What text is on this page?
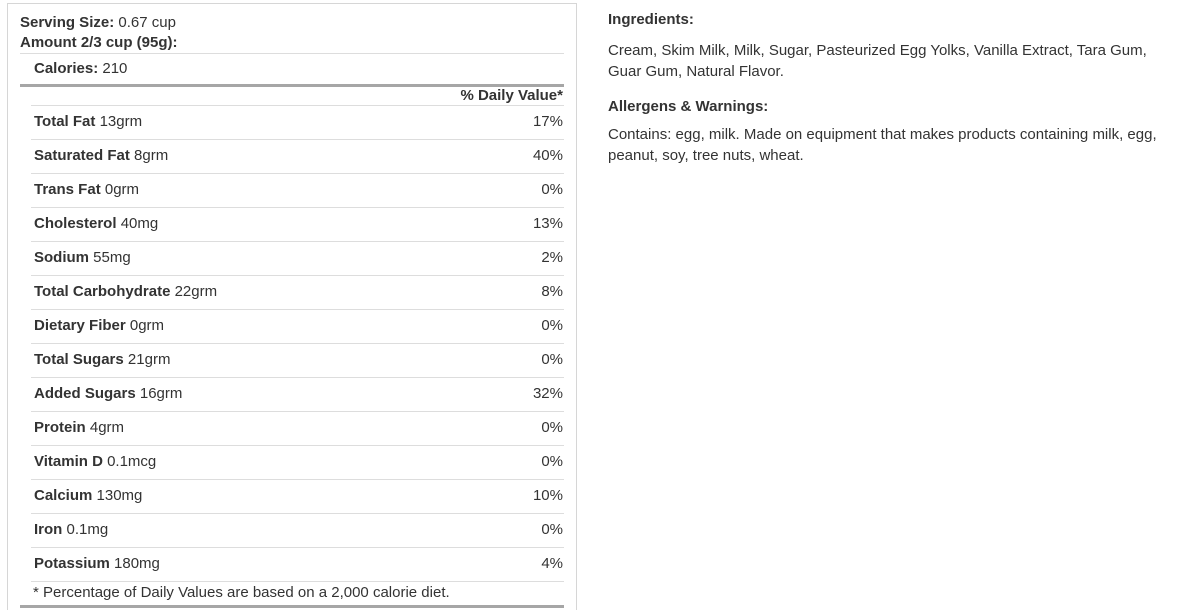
Serving Size: 0.67 cup
Amount 2/3 cup (95g):
Calories: 210
% Daily Value*
Total Fat 13grm	17%
Saturated Fat 8grm	40%
Trans Fat 0grm	0%
Cholesterol 40mg	13%
Sodium 55mg	2%
Total Carbohydrate 22grm	8%
Dietary Fiber 0grm	0%
Total Sugars 21grm	0%
Added Sugars 16grm	32%
Protein 4grm	0%
Vitamin D 0.1mcg	0%
Calcium 130mg	10%
Iron 0.1mg	0%
Potassium 180mg	4%
* Percentage of Daily Values are based on a 2,000 calorie diet.
Ingredients:

Cream, Skim Milk, Milk, Sugar, Pasteurized Egg Yolks, Vanilla Extract, Tara Gum, Guar Gum, Natural Flavor.

Allergens & Warnings:

Contains: egg, milk. Made on equipment that makes products containing milk, egg, peanut, soy, tree nuts, wheat.
